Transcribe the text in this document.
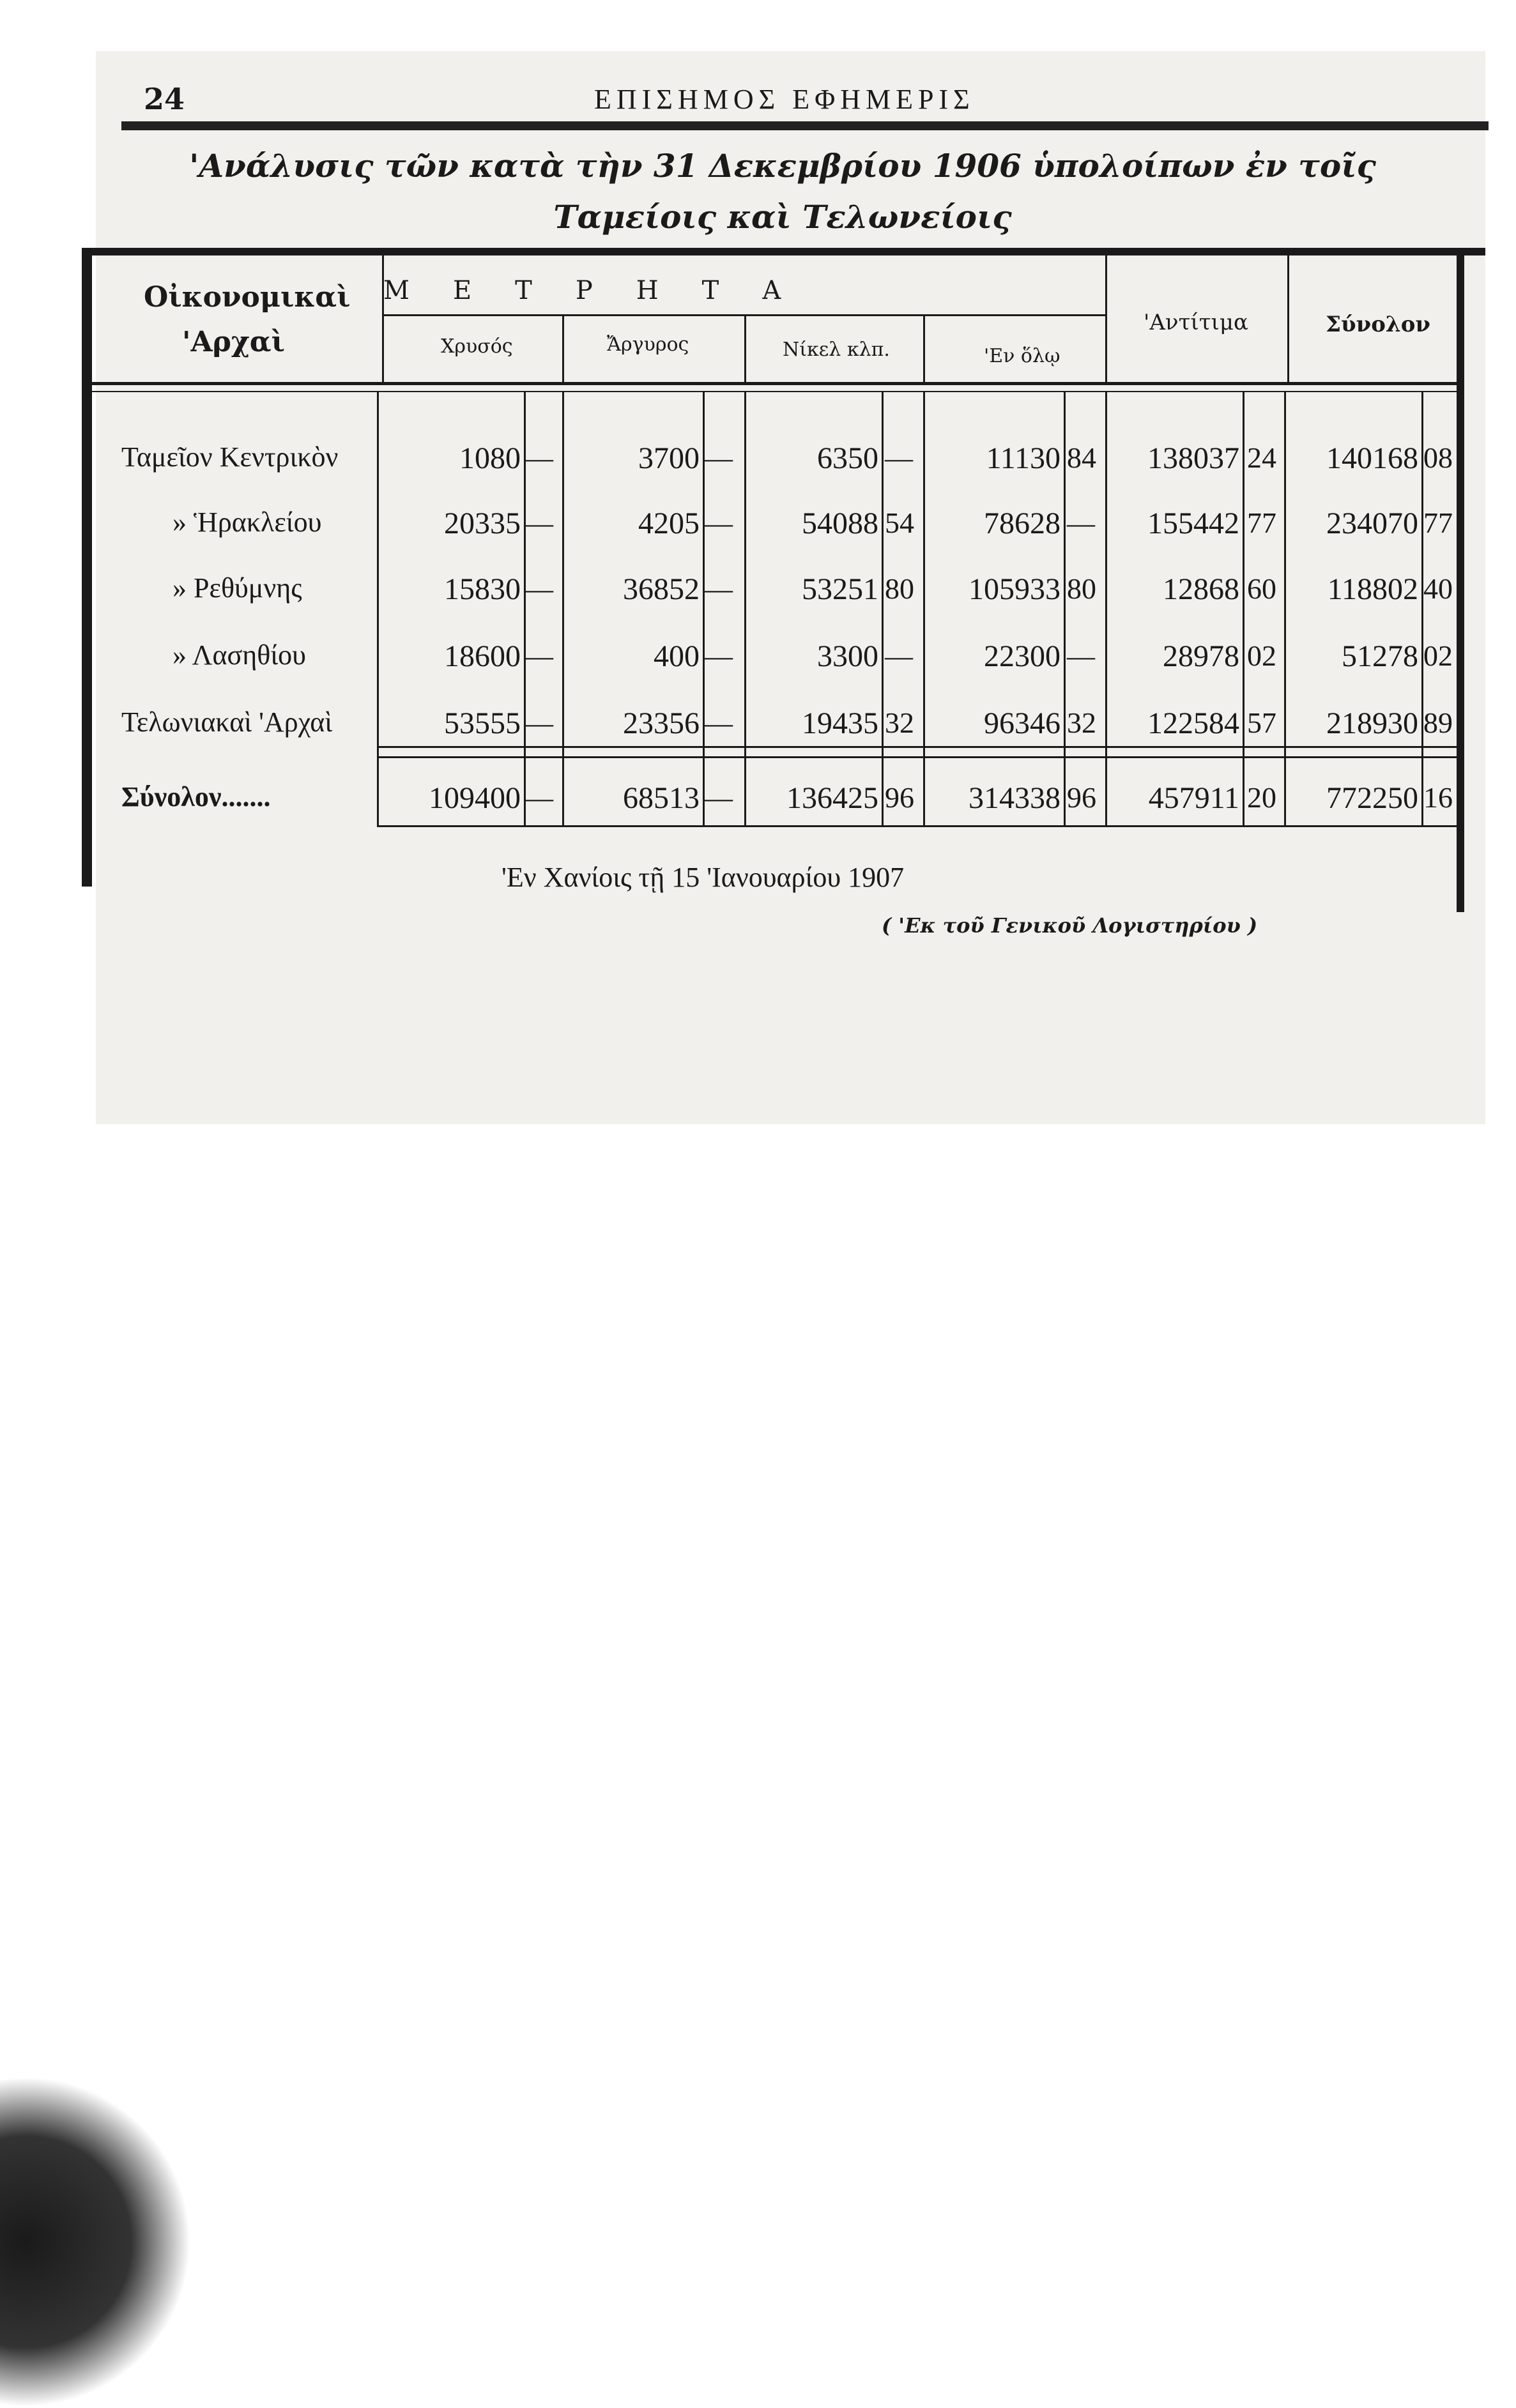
24	ΕΠΙΣΗΜΟΣ ΕΦΗΜΕΡΙΣ
'Ανάλυσις τῶν κατὰ τὴν 31 Δεκεμβρίου 1906 ὑπολοίπων ἐν τοῖς
Ταμείοις καὶ Τελωνείοις
Οἰκονομικαὶ
'Αρχαὶ
ΜΕΤΡΗΤΑ
Χρυσός	Ἄργυρος	Νίκελ κλπ.	'Εν ὅλῳ
'Αντίτιμα	Σύνολον
Ταμεῖον Κεντρικὸν	1080 —	3700 —	6350 —	11130 84	138037 24	140168 08
» Ἡρακλείου	20335 —	4205 —	54088 54	78628 —	155442 77	234070 77
» Ρεθύμνης	15830 —	36852 —	53251 80	105933 80	12868 60	118802 40
» Λασηθίου	18600 —	400 —	3300 —	22300 —	28978 02	51278 02
Τελωνιακαὶ 'Αρχαὶ	53555 —	23356 —	19435 32	96346 32	122584 57	218930 89
Σύνολον.......	109400 —	68513 —	136425 96	314338 96	457911 20	772250 16
'Εν Χανίοις τῇ 15 'Ιανουαρίου 1907
( 'Εκ τοῦ Γενικοῦ Λογιστηρίου )
